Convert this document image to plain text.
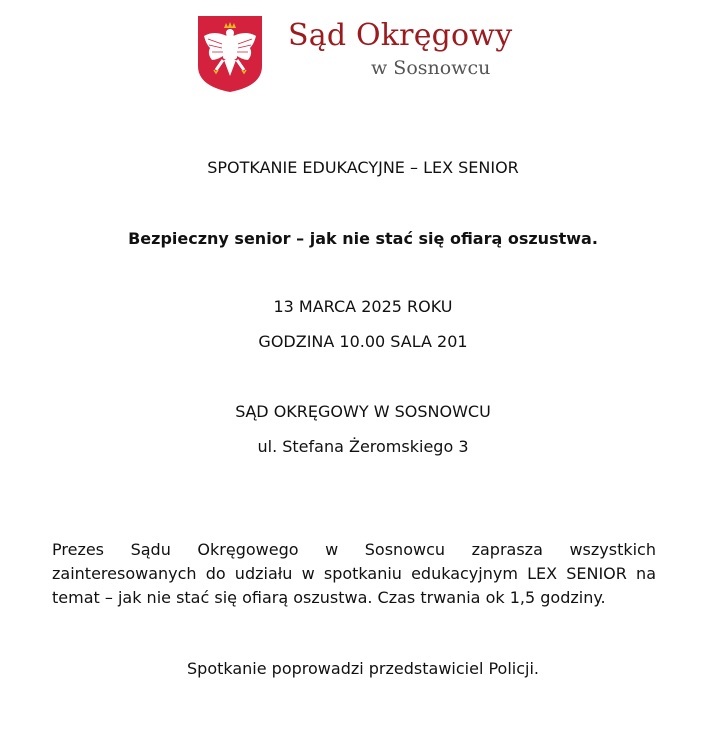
Sąd Okręgowy
w Sosnowcu
SPOTKANIE EDUKACYJNE – LEX SENIOR
Bezpieczny senior – jak nie stać się ofiarą oszustwa.
13 MARCA 2025 ROKU
GODZINA 10.00 SALA 201
SĄD OKRĘGOWY W SOSNOWCU
ul. Stefana Żeromskiego 3
Prezes Sądu Okręgowego w Sosnowcu zaprasza wszystkich zainteresowanych do udziału w spotkaniu edukacyjnym LEX SENIOR na temat – jak nie stać się ofiarą oszustwa. Czas trwania ok 1,5 godziny.
Spotkanie poprowadzi przedstawiciel Policji.
